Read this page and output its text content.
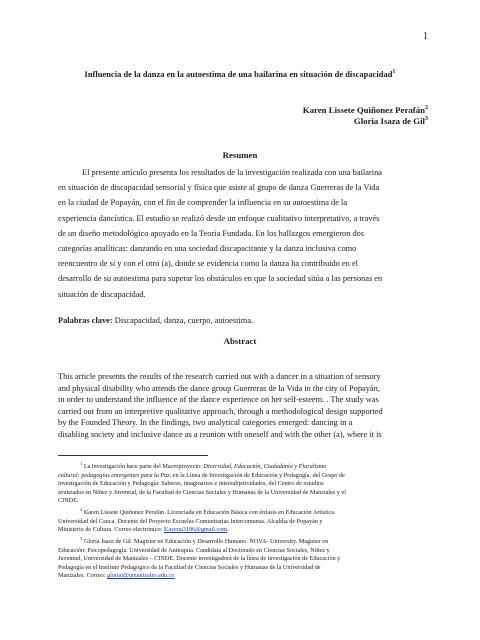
1
Influencia de la danza en la autoestima de una bailarina en situación de discapacidad$^1$
Karen Lissete Quiñonez Perafán$^2$
Gloria Isaza de Gil$^3$
Resumen
El presente artículo presenta los resultados de la investigación realizada con una bailarina
en situación de discapacidad sensorial y física que asiste al grupo de danza Guerreras de la Vida
en la ciudad de Popayán, con el fin de comprender la influencia en su autoestima de la
experiencia dancística. El estudio se realizó desde un enfoque cualitativo interpretativo, a través
de un diseño metodológico apoyado en la Teoría Fundada. En los hallazgos emergieron dos
categorías analíticas: danzando en una sociedad discapacitante y la danza inclusiva como
reencuentro de sí y con el otro (a), donde se evidencia como la danza ha contribuido en el
desarrollo de su autoestima para superar los obstáculos en que la sociedad sitúa a las personas en
situación de discapacidad.
Palabras clave: Discapacidad, danza, cuerpo, autoestima.
Abstract
This article presents the results of the research carried out with a dancer in a situation of sensory
and physical disability who attends the dance group Guerreras de la Vida in the city of Popayán,
in order to understand the influence of the dance experience on her self-esteem. . The study was
carried out from an interpretive qualitative approach, through a methodological design supported
by the Founded Theory. In the findings, two analytical categories emerged: dancing in a
disabling society and inclusive dance as a reunion with oneself and with the other (a), where it is
$^1$ La investigación hace parte del Macroproyecto: Diversidad, Educación, Ciudadanía y Pluralismo
cultural: pedagogías emergentes para la Paz, en la Línea de Investigación de Educación y Pedagogía, del Grupo de
investigación de Educación y Pedagogía: Saberes, imaginarios e intersubjetividades, del Centro de estudios
avanzados en Niñez y Juventud, de la Facultad de Ciencias Sociales y Humanas de la Universidad de Manizales y el
CINDE.
$^2$ Karen Lissete Quiñonez Perafán. Licenciada en Educación Básica con énfasis en Educación Artística.
Universidad del Cauca. Docente del Proyecto Escuelas Comunitarias Intercomunas. Alcaldía de Popayán y
Ministerio de Cultura. Correo electrónico: Kayena3186@gmail.com.
$^3$ Gloria Isaza de Gil: Magister en Educación y Desarrollo Humano. NOVA- University. Magister en
Educación: Psicopedagogía. Universidad de Antioquia. Candidata al Doctorado en Ciencias Sociales, Niñez y
Juventud, Universidad de Manizales – CINDE. Docente investigadora de la línea de investigación de Educación y
Pedagogía en el Instituto Pedagógico de la Facultad de Ciencias Sociales y Humanas de la Universidad de
Manizales. Correo: gloriai@umanizales.edu.co
